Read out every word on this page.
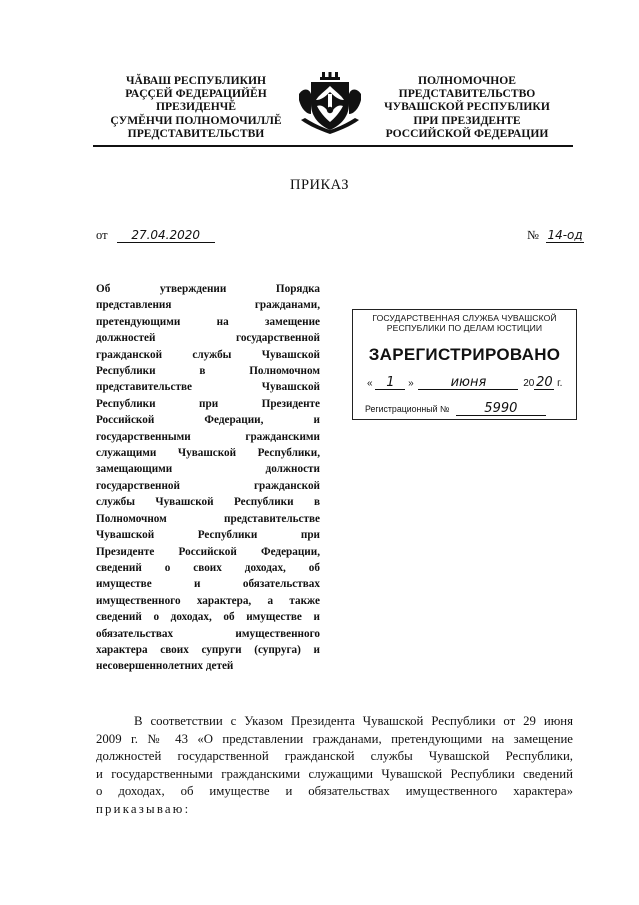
ЧĂВАШ РЕСПУБЛИКИН
РАÇÇЕЙ ФЕДЕРАЦИЙĔН
ПРЕЗИДЕНЧĔ
ÇУМĔНЧИ ПОЛНОМОЧИЛЛĔ
ПРЕДСТАВИТЕЛЬСТВИ
ПОЛНОМОЧНОЕ
ПРЕДСТАВИТЕЛЬСТВО
ЧУВАШСКОЙ РЕСПУБЛИКИ
ПРИ ПРЕЗИДЕНТЕ
РОССИЙСКОЙ ФЕДЕРАЦИИ
ПРИКАЗ
от 27.04.2020	№ 14-од
Об утверждении Порядка
представления гражданами,
претендующими на замещение
должностей государственной
гражданской службы Чувашской
Республики в Полномочном
представительстве Чувашской
Республики при Президенте
Российской Федерации, и
государственными гражданскими
служащими Чувашской Республики,
замещающими должности
государственной гражданской
службы Чувашской Республики в
Полномочном представительстве
Чувашской Республики при
Президенте Российской Федерации,
сведений о своих доходах, об
имуществе и обязательствах
имущественного характера, а также
сведений о доходах, об имуществе и
обязательствах имущественного
характера своих супруги (супруга) и
несовершеннолетних детей
ГОСУДАРСТВЕННАЯ СЛУЖБА ЧУВАШСКОЙ
РЕСПУБЛИКИ ПО ДЕЛАМ ЮСТИЦИИ
ЗАРЕГИСТРИРОВАНО
« 1 »	июня	20 20 г.
Регистрационный №	5990
В соответствии с Указом Президента Чувашской Республики от 29 июня
2009 г. № 43 «О представлении гражданами, претендующими на замещение
должностей государственной гражданской службы Чувашской Республики,
и государственными гражданскими служащими Чувашской Республики сведений
о доходах, об имуществе и обязательствах имущественного характера»
приказываю:
